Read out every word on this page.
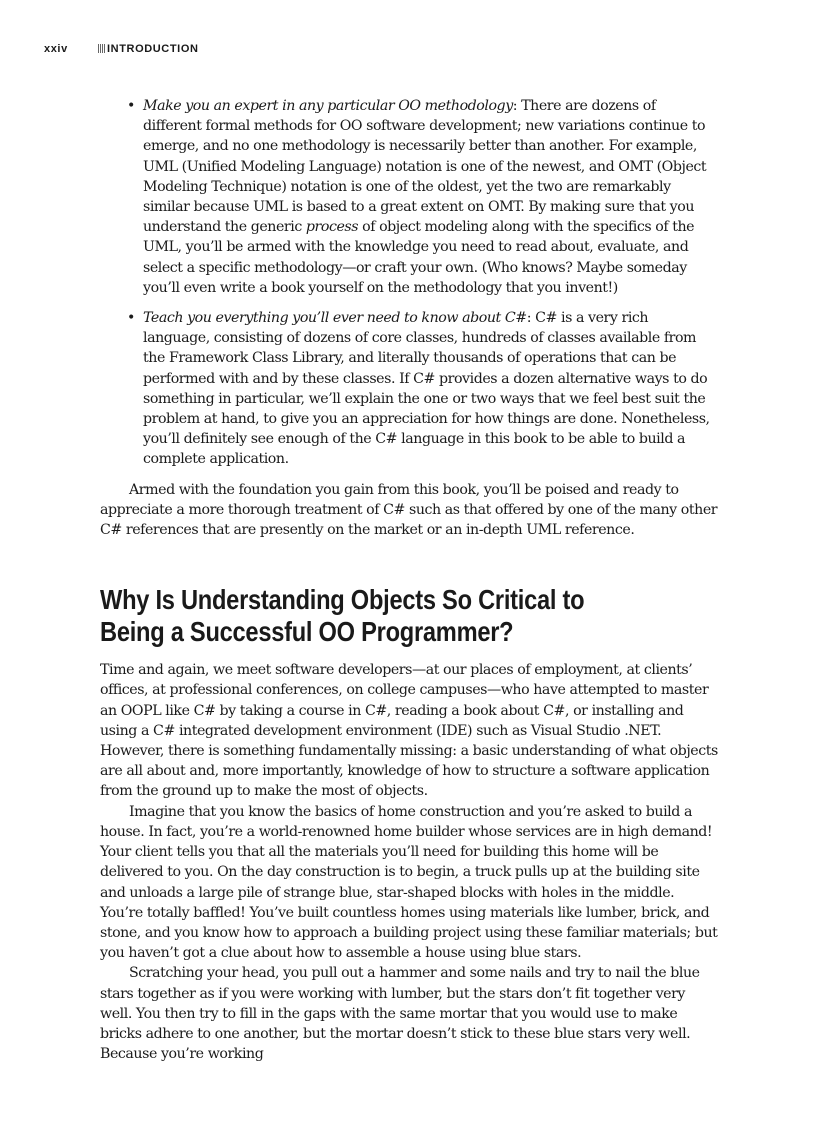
xxiv	INTRODUCTION
• Make you an expert in any particular OO methodology: There are dozens of different formal methods for OO software development; new variations continue to emerge, and no one methodology is necessarily better than another. For example, UML (Unified Modeling Language) notation is one of the newest, and OMT (Object Modeling Technique) notation is one of the oldest, yet the two are remarkably similar because UML is based to a great extent on OMT. By making sure that you understand the generic process of object modeling along with the specifics of the UML, you’ll be armed with the knowledge you need to read about, evaluate, and select a specific methodology—or craft your own. (Who knows? Maybe someday you’ll even write a book yourself on the methodology that you invent!)
• Teach you everything you’ll ever need to know about C#: C# is a very rich language, consisting of dozens of core classes, hundreds of classes available from the Framework Class Library, and literally thousands of operations that can be performed with and by these classes. If C# provides a dozen alternative ways to do something in particular, we’ll explain the one or two ways that we feel best suit the problem at hand, to give you an appreciation for how things are done. Nonetheless, you’ll definitely see enough of the C# language in this book to be able to build a complete application.

Armed with the foundation you gain from this book, you’ll be poised and ready to appreciate a more thorough treatment of C# such as that offered by one of the many other C# references that are presently on the market or an in-depth UML reference.

Why Is Understanding Objects So Critical to
Being a Successful OO Programmer?

Time and again, we meet software developers—at our places of employment, at clients’ offices, at professional conferences, on college campuses—who have attempted to master an OOPL like C# by taking a course in C#, reading a book about C#, or installing and using a C# integrated development environment (IDE) such as Visual Studio .NET. However, there is something fundamentally missing: a basic understanding of what objects are all about and, more importantly, knowledge of how to structure a software application from the ground up to make the most of objects.

Imagine that you know the basics of home construction and you’re asked to build a house. In fact, you’re a world-renowned home builder whose services are in high demand! Your client tells you that all the materials you’ll need for building this home will be delivered to you. On the day construction is to begin, a truck pulls up at the building site and unloads a large pile of strange blue, star-shaped blocks with holes in the middle. You’re totally baffled! You’ve built countless homes using materials like lumber, brick, and stone, and you know how to approach a building project using these familiar materials; but you haven’t got a clue about how to assemble a house using blue stars.

Scratching your head, you pull out a hammer and some nails and try to nail the blue stars together as if you were working with lumber, but the stars don’t fit together very well. You then try to fill in the gaps with the same mortar that you would use to make bricks adhere to one another, but the mortar doesn’t stick to these blue stars very well. Because you’re working
